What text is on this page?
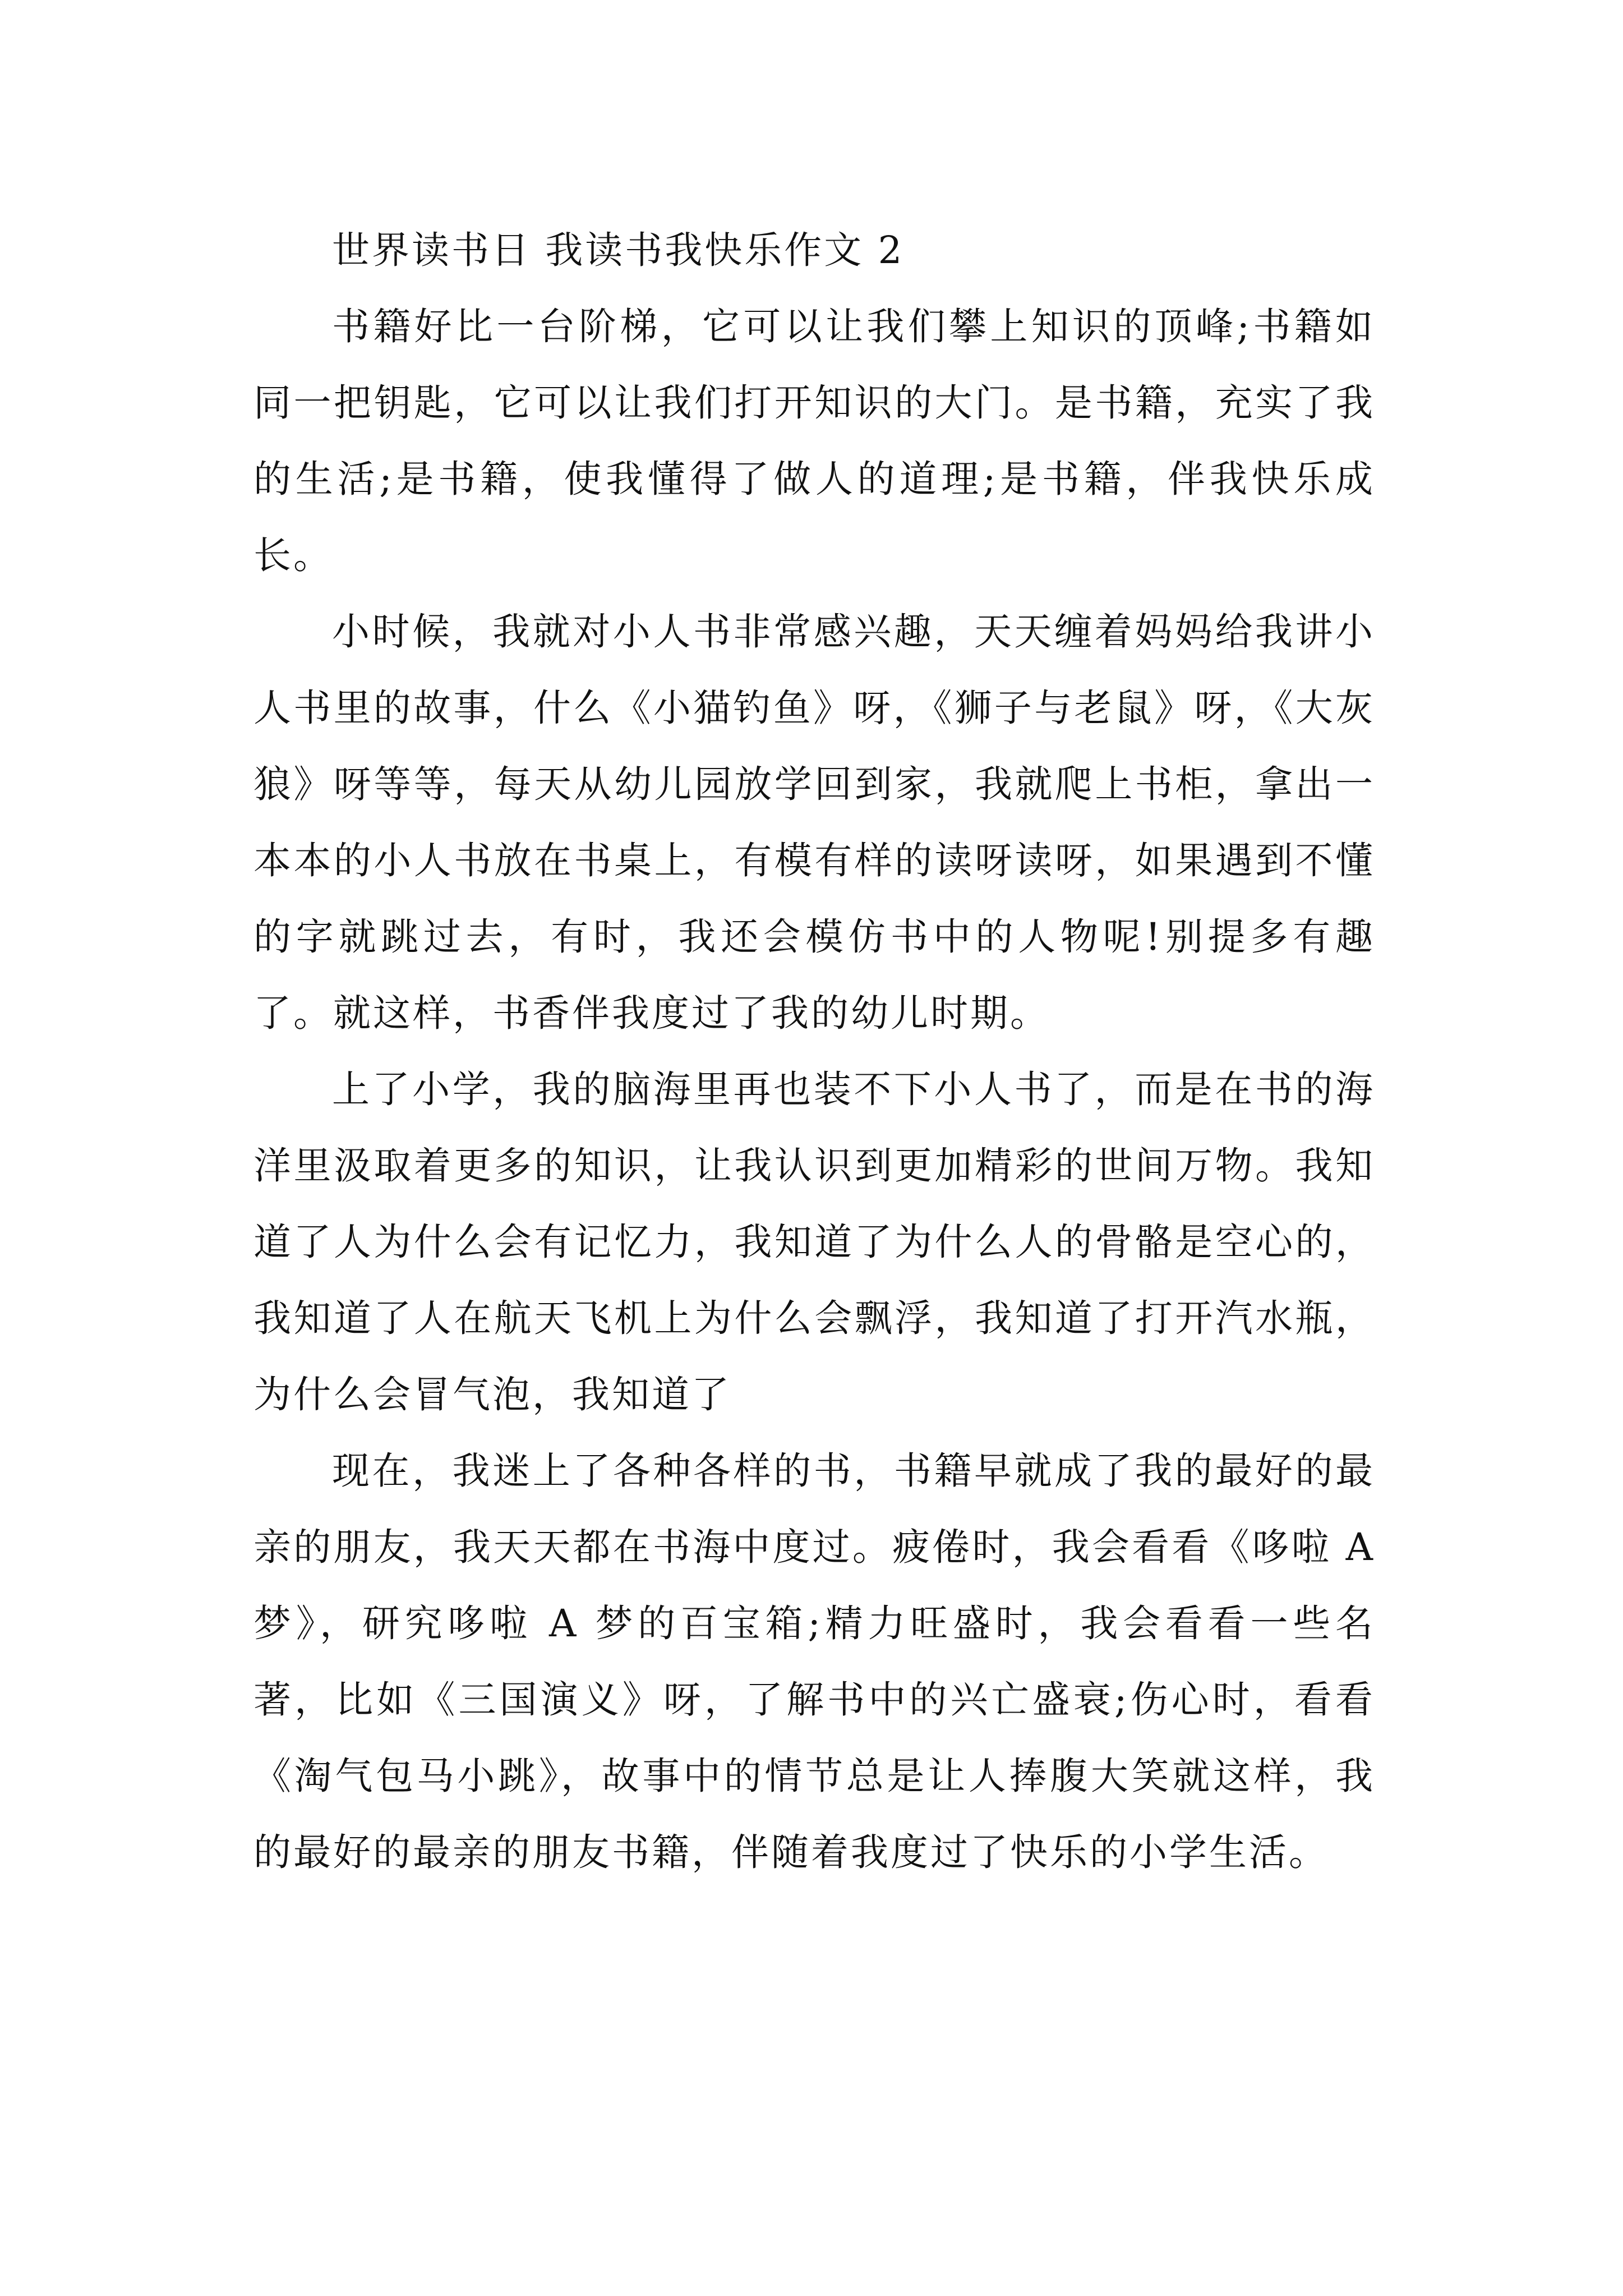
世界读书日 我读书我快乐作文 2

书籍好比一台阶梯，它可以让我们攀上知识的顶峰;书籍如同一把钥匙，它可以让我们打开知识的大门。是书籍，充实了我的生活;是书籍，使我懂得了做人的道理;是书籍，伴我快乐成长。

小时候，我就对小人书非常感兴趣，天天缠着妈妈给我讲小人书里的故事，什么《小猫钓鱼》呀，《狮子与老鼠》呀，《大灰狼》呀等等，每天从幼儿园放学回到家，我就爬上书柜，拿出一本本的小人书放在书桌上，有模有样的读呀读呀，如果遇到不懂的字就跳过去，有时，我还会模仿书中的人物呢!别提多有趣了。就这样，书香伴我度过了我的幼儿时期。

上了小学，我的脑海里再也装不下小人书了，而是在书的海洋里汲取着更多的知识，让我认识到更加精彩的世间万物。我知道了人为什么会有记忆力，我知道了为什么人的骨骼是空心的，我知道了人在航天飞机上为什么会飘浮，我知道了打开汽水瓶，为什么会冒气泡，我知道了

现在，我迷上了各种各样的书，书籍早就成了我的最好的最亲的朋友，我天天都在书海中度过。疲倦时，我会看看《哆啦 A 梦》，研究哆啦 A 梦的百宝箱;精力旺盛时，我会看看一些名著，比如《三国演义》呀，了解书中的兴亡盛衰;伤心时，看看《淘气包马小跳》，故事中的情节总是让人捧腹大笑就这样，我的最好的最亲的朋友书籍，伴随着我度过了快乐的小学生活。
